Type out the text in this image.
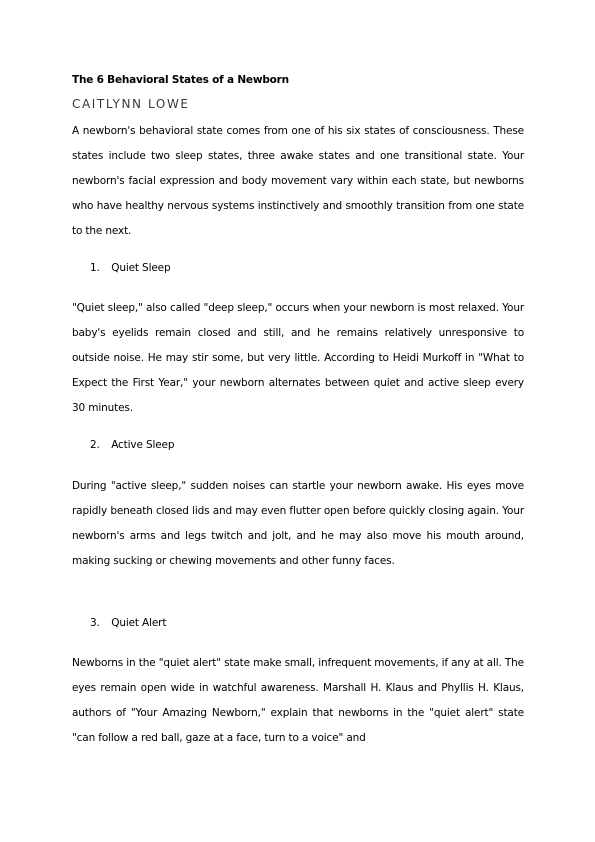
The 6 Behavioral States of a Newborn
CAITLYNN LOWE

A newborn's behavioral state comes from one of his six states of consciousness. These states include two sleep states, three awake states and one transitional state. Your newborn's facial expression and body movement vary within each state, but newborns who have healthy nervous systems instinctively and smoothly transition from one state to the next.

1. Quiet Sleep

"Quiet sleep," also called "deep sleep," occurs when your newborn is most relaxed. Your baby's eyelids remain closed and still, and he remains relatively unresponsive to outside noise. He may stir some, but very little. According to Heidi Murkoff in "What to Expect the First Year," your newborn alternates between quiet and active sleep every 30 minutes.

2. Active Sleep

During "active sleep," sudden noises can startle your newborn awake. His eyes move rapidly beneath closed lids and may even flutter open before quickly closing again. Your newborn's arms and legs twitch and jolt, and he may also move his mouth around, making sucking or chewing movements and other funny faces.

3. Quiet Alert

Newborns in the "quiet alert" state make small, infrequent movements, if any at all. The eyes remain open wide in watchful awareness. Marshall H. Klaus and Phyllis H. Klaus, authors of "Your Amazing Newborn," explain that newborns in the "quiet alert" state "can follow a red ball, gaze at a face, turn to a voice" and
